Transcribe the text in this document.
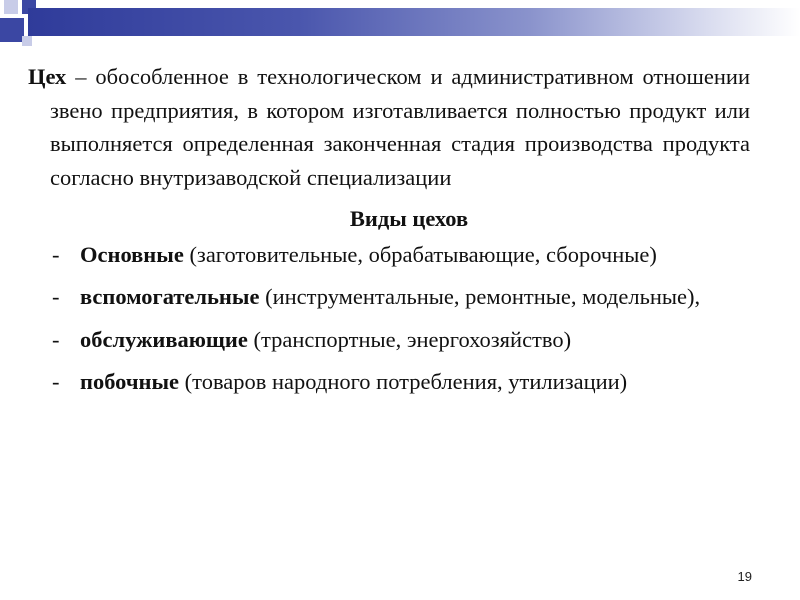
Цех – обособленное в технологическом и административном отношении звено предприятия, в котором изготавливается полностью продукт или выполняется определенная законченная стадия производства продукта согласно внутризаводской специализации

Виды цехов

- Основные (заготовительные, обрабатывающие, сборочные)
- вспомогательные (инструментальные, ремонтные, модельные),
- обслуживающие (транспортные, энергохозяйство)
- побочные (товаров народного потребления, утилизации)
19
